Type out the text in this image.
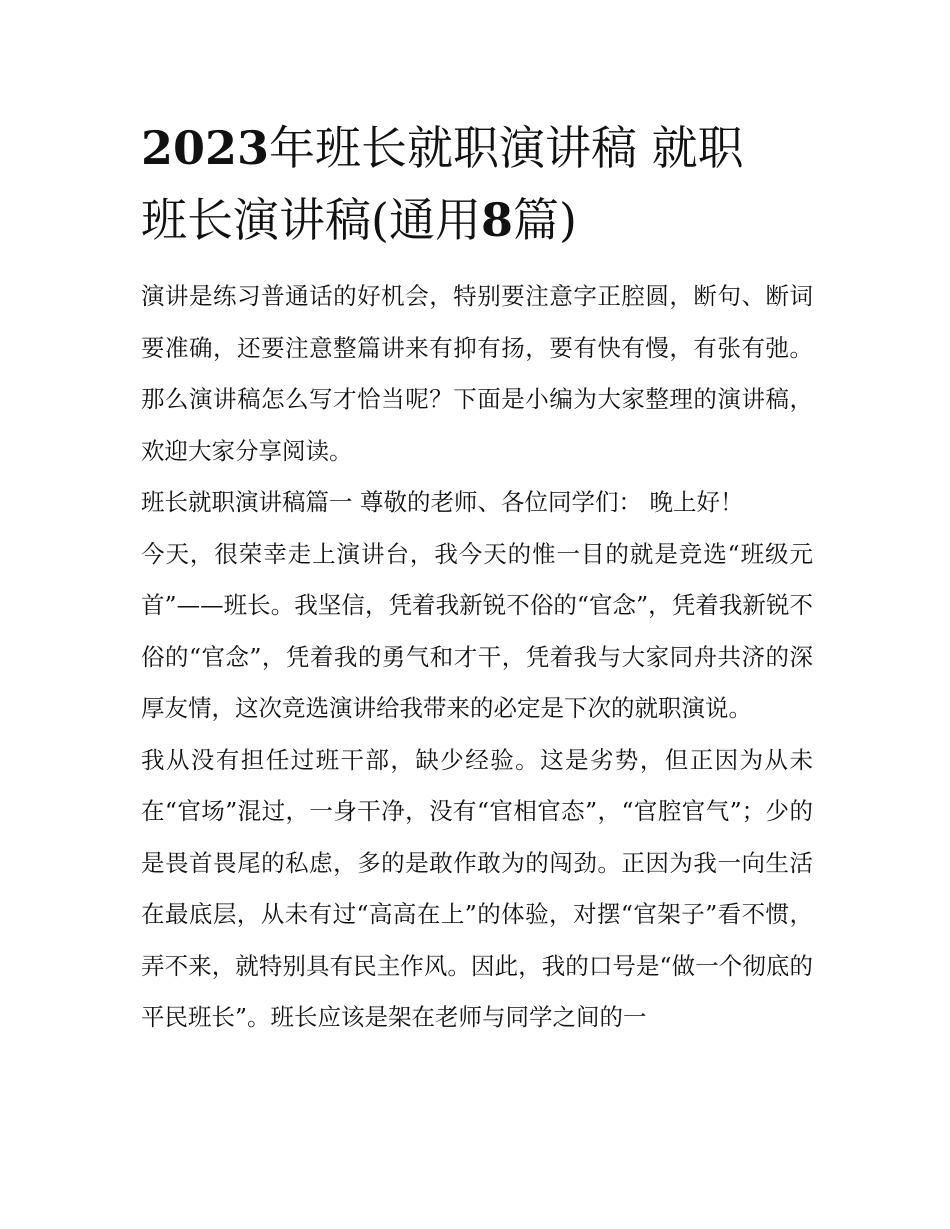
2023年班长就职演讲稿 就职
班长演讲稿(通用8篇)

演讲是练习普通话的好机会，特别要注意字正腔圆，断句、断词要准确，还要注意整篇讲来有抑有扬，要有快有慢，有张有弛。那么演讲稿怎么写才恰当呢？下面是小编为大家整理的演讲稿，欢迎大家分享阅读。

班长就职演讲稿篇一 尊敬的老师、各位同学们： 晚上好！

今天，很荣幸走上演讲台，我今天的惟一目的就是竞选“班级元首”——班长。我坚信，凭着我新锐不俗的“官念”，凭着我新锐不俗的“官念”，凭着我的勇气和才干，凭着我与大家同舟共济的深厚友情，这次竞选演讲给我带来的必定是下次的就职演说。

我从没有担任过班干部，缺少经验。这是劣势，但正因为从未在“官场”混过，一身干净，没有“官相官态”，“官腔官气”；少的是畏首畏尾的私虑，多的是敢作敢为的闯劲。正因为我一向生活在最底层，从未有过“高高在上”的体验，对摆“官架子”看不惯，弄不来，就特别具有民主作风。因此，我的口号是“做一个彻底的平民班长”。班长应该是架在老师与同学之间的一
